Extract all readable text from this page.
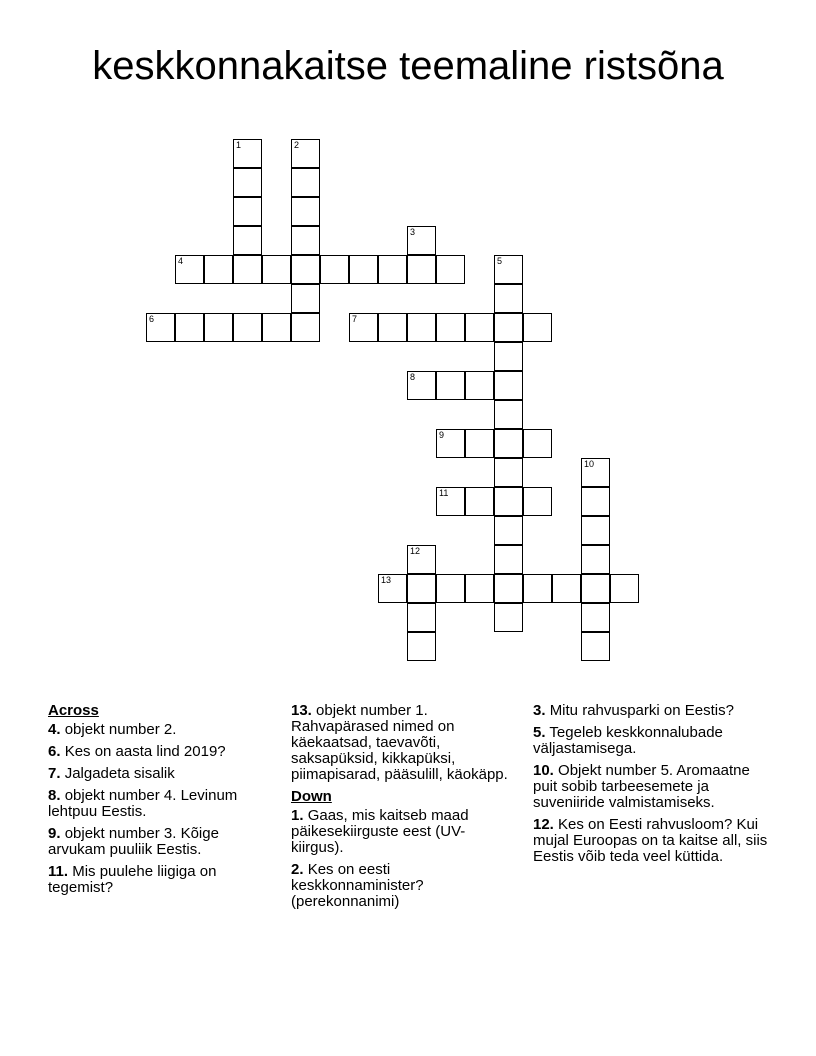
keskkonnakaitse teemaline ristsõna
1	2
3
4	5
6	7
8
9
10
11
12
13
Across
4. objekt number 2.
6. Kes on aasta lind 2019?
7. Jalgadeta sisalik
8. objekt number 4. Levinum lehtpuu Eestis.
9. objekt number 3. Kõige arvukam puuliik Eestis.
11. Mis puulehe liigiga on tegemist?
13. objekt number 1. Rahvapärased nimed on käekaatsad, taevavõti, saksapüksid, kikkapüksi, piimapisarad, pääsulill, käokäpp.
Down
1. Gaas, mis kaitseb maad päikesekiirguste eest (UV-kiirgus).
2. Kes on eesti keskkonnaminister? (perekonnanimi)
3. Mitu rahvusparki on Eestis?
5. Tegeleb keskkonnalubade väljastamisega.
10. Objekt number 5. Aromaatne puit sobib tarbeesemete ja suveniiride valmistamiseks.
12. Kes on Eesti rahvusloom? Kui mujal Euroopas on ta kaitse all, siis Eestis võib teda veel küttida.
